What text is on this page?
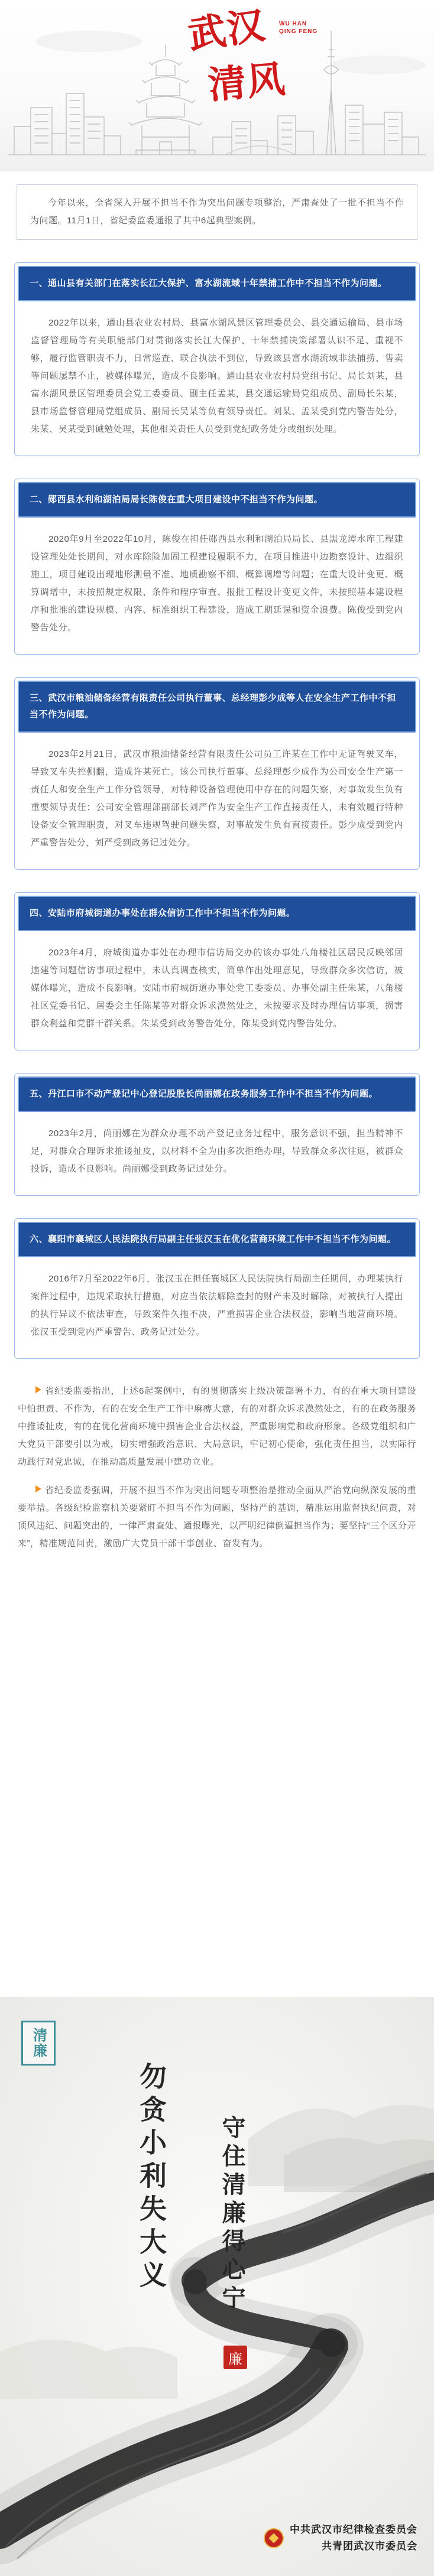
武汉
清风
WU HAN
QING FENG
今年以来，全省深入开展不担当不作为突出问题专项整治，严肃查处了一批不担当不作为问题。11月1日，省纪委监委通报了其中6起典型案例。
一、通山县有关部门在落实长江大保护、富水湖流域十年禁捕工作中不担当不作为问题。
2022年以来，通山县农业农村局、县富水湖风景区管理委员会、县交通运输局、县市场监督管理局等有关职能部门对贯彻落实长江大保护、十年禁捕决策部署认识不足、重视不够，履行监管职责不力，日常巡查、联合执法不到位，导致该县富水湖流域非法捕捞、售卖等问题屡禁不止，被媒体曝光，造成不良影响。通山县农业农村局党组书记、局长刘某，县富水湖风景区管理委员会党工委委员、副主任孟某，县交通运输局党组成员、副局长朱某，县市场监督管理局党组成员、副局长吴某等负有领导责任。刘某、孟某受到党内警告处分，朱某、吴某受到诫勉处理，其他相关责任人员受到党纪政务处分或组织处理。
二、郧西县水利和湖泊局局长陈俊在重大项目建设中不担当不作为问题。
2020年9月至2022年10月，陈俊在担任郧西县水利和湖泊局局长、县黑龙潭水库工程建设管理处处长期间，对水库除险加固工程建设履职不力，在项目推进中边勘察设计、边组织施工，项目建设出现地形测量不准、地质勘察不细、概算调增等问题；在重大设计变更、概算调增中，未按照规定权限、条件和程序审查、报批工程设计变更文件，未按照基本建设程序和批准的建设规模、内容、标准组织工程建设，造成工期延误和资金浪费。陈俊受到党内警告处分。
三、武汉市粮油储备经营有限责任公司执行董事、总经理彭少成等人在安全生产工作中不担当不作为问题。
2023年2月21日，武汉市粮油储备经营有限责任公司员工许某在工作中无证驾驶叉车，导致叉车失控侧翻，造成许某死亡。该公司执行董事、总经理彭少成作为公司安全生产第一责任人和安全生产工作分管领导，对特种设备管理使用中存在的问题失察，对事故发生负有重要领导责任；公司安全管理部副部长刘严作为安全生产工作直接责任人，未有效履行特种设备安全管理职责，对叉车违规驾驶问题失察，对事故发生负有直接责任。彭少成受到党内严重警告处分，刘严受到政务记过处分。
四、安陆市府城街道办事处在群众信访工作中不担当不作为问题。
2023年4月，府城街道办事处在办理市信访局交办的该办事处八角楼社区居民反映邻居违建等问题信访事项过程中，未认真调查核实，简单作出处理意见，导致群众多次信访，被媒体曝光，造成不良影响。安陆市府城街道办事处党工委委员、办事处副主任朱某，八角楼社区党委书记、居委会主任陈某等对群众诉求漠然处之，未按要求及时办理信访事项，损害群众利益和党群干群关系。朱某受到政务警告处分，陈某受到党内警告处分。
五、丹江口市不动产登记中心登记股股长尚丽娜在政务服务工作中不担当不作为问题。
2023年2月，尚丽娜在为群众办理不动产登记业务过程中，服务意识不强，担当精神不足，对群众合理诉求推诿扯皮，以材料不全为由多次拒绝办理，导致群众多次往返，被群众投诉，造成不良影响。尚丽娜受到政务记过处分。
六、襄阳市襄城区人民法院执行局副主任张汉玉在优化营商环境工作中不担当不作为问题。
2016年7月至2022年6月，张汉玉在担任襄城区人民法院执行局副主任期间，办理某执行案件过程中，违规采取执行措施，对应当依法解除查封的财产未及时解除，对被执行人提出的执行异议不依法审查，导致案件久拖不决，严重损害企业合法权益，影响当地营商环境。张汉玉受到党内严重警告、政务记过处分。

省纪委监委指出，上述6起案例中，有的贯彻落实上级决策部署不力，有的在重大项目建设中怕担责、不作为，有的在安全生产工作中麻痹大意，有的对群众诉求漠然处之，有的在政务服务中推诿扯皮，有的在优化营商环境中损害企业合法权益，严重影响党和政府形象。各级党组织和广大党员干部要引以为戒，切实增强政治意识、大局意识，牢记初心使命，强化责任担当，以实际行动践行对党忠诚，在推动高质量发展中建功立业。

省纪委监委强调，开展不担当不作为突出问题专项整治是推动全面从严治党向纵深发展的重要举措。各级纪检监察机关要紧盯不担当不作为问题，坚持严的基调，精准运用监督执纪问责，对顶风违纪、问题突出的，一律严肃查处、通报曝光，以严明纪律倒逼担当作为；要坚持“三个区分开来”，精准规范问责，激励广大党员干部干事创业、奋发有为。

清廉
勿贪小利失大义 守住清廉得心宁
廉
中共武汉市纪律检查委员会
共青团武汉市委员会
